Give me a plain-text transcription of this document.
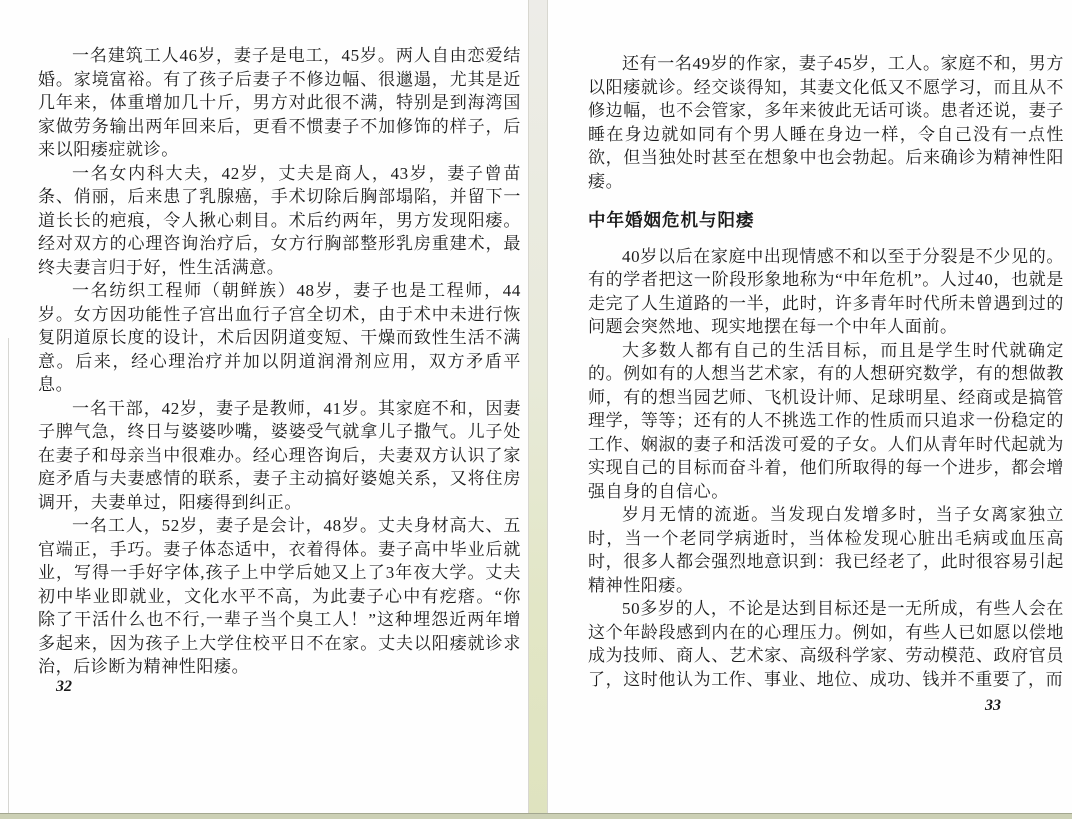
一名建筑工人46岁，妻子是电工，45岁。两人自由恋爱结婚。家境富裕。有了孩子后妻子不修边幅、很邋遢，尤其是近几年来，体重增加几十斤，男方对此很不满，特别是到海湾国家做劳务输出两年回来后，更看不惯妻子不加修饰的样子，后来以阳痿症就诊。

一名女内科大夫，42岁，丈夫是商人，43岁，妻子曾苗条、俏丽，后来患了乳腺癌，手术切除后胸部塌陷，并留下一道长长的疤痕，令人揪心刺目。术后约两年，男方发现阳痿。经对双方的心理咨询治疗后，女方行胸部整形乳房重建术，最终夫妻言归于好，性生活满意。

一名纺织工程师（朝鲜族）48岁，妻子也是工程师，44岁。女方因功能性子宫出血行子宫全切术，由于术中未进行恢复阴道原长度的设计，术后因阴道变短、干燥而致性生活不满意。后来，经心理治疗并加以阴道润滑剂应用，双方矛盾平息。

一名干部，42岁，妻子是教师，41岁。其家庭不和，因妻子脾气急，终日与婆婆吵嘴，婆婆受气就拿儿子撒气。儿子处在妻子和母亲当中很难办。经心理咨询后，夫妻双方认识了家庭矛盾与夫妻感情的联系，妻子主动搞好婆媳关系，又将住房调开，夫妻单过，阳痿得到纠正。

一名工人，52岁，妻子是会计，48岁。丈夫身材高大、五官端正，手巧。妻子体态适中，衣着得体。妻子高中毕业后就业，写得一手好字体,孩子上中学后她又上了3年夜大学。丈夫初中毕业即就业，文化水平不高，为此妻子心中有疙瘩。“你除了干活什么也不行,一辈子当个臭工人！”这种埋怨近两年增多起来，因为孩子上大学住校平日不在家。丈夫以阳痿就诊求治，后诊断为精神性阳痿。

32

还有一名49岁的作家，妻子45岁，工人。家庭不和，男方以阳痿就诊。经交谈得知，其妻文化低又不愿学习，而且从不修边幅，也不会管家，多年来彼此无话可谈。患者还说，妻子睡在身边就如同有个男人睡在身边一样，令自己没有一点性欲，但当独处时甚至在想象中也会勃起。后来确诊为精神性阳痿。

中年婚姻危机与阳痿

40岁以后在家庭中出现情感不和以至于分裂是不少见的。有的学者把这一阶段形象地称为“中年危机”。人过40，也就是走完了人生道路的一半，此时，许多青年时代所未曾遇到过的问题会突然地、现实地摆在每一个中年人面前。

大多数人都有自己的生活目标，而且是学生时代就确定的。例如有的人想当艺术家，有的人想研究数学，有的想做教师，有的想当园艺师、飞机设计师、足球明星、经商或是搞管理学，等等；还有的人不挑选工作的性质而只追求一份稳定的工作、娴淑的妻子和活泼可爱的子女。人们从青年时代起就为实现自己的目标而奋斗着，他们所取得的每一个进步，都会增强自身的自信心。

岁月无情的流逝。当发现白发增多时，当子女离家独立时，当一个老同学病逝时，当体检发现心脏出毛病或血压高时，很多人都会强烈地意识到：我已经老了，此时很容易引起精神性阳痿。

50多岁的人，不论是达到目标还是一无所成，有些人会在这个年龄段感到内在的心理压力。例如，有些人已如愿以偿地成为技师、商人、艺术家、高级科学家、劳动模范、政府官员了，这时他认为工作、事业、地位、成功、钱并不重要了，而

33
